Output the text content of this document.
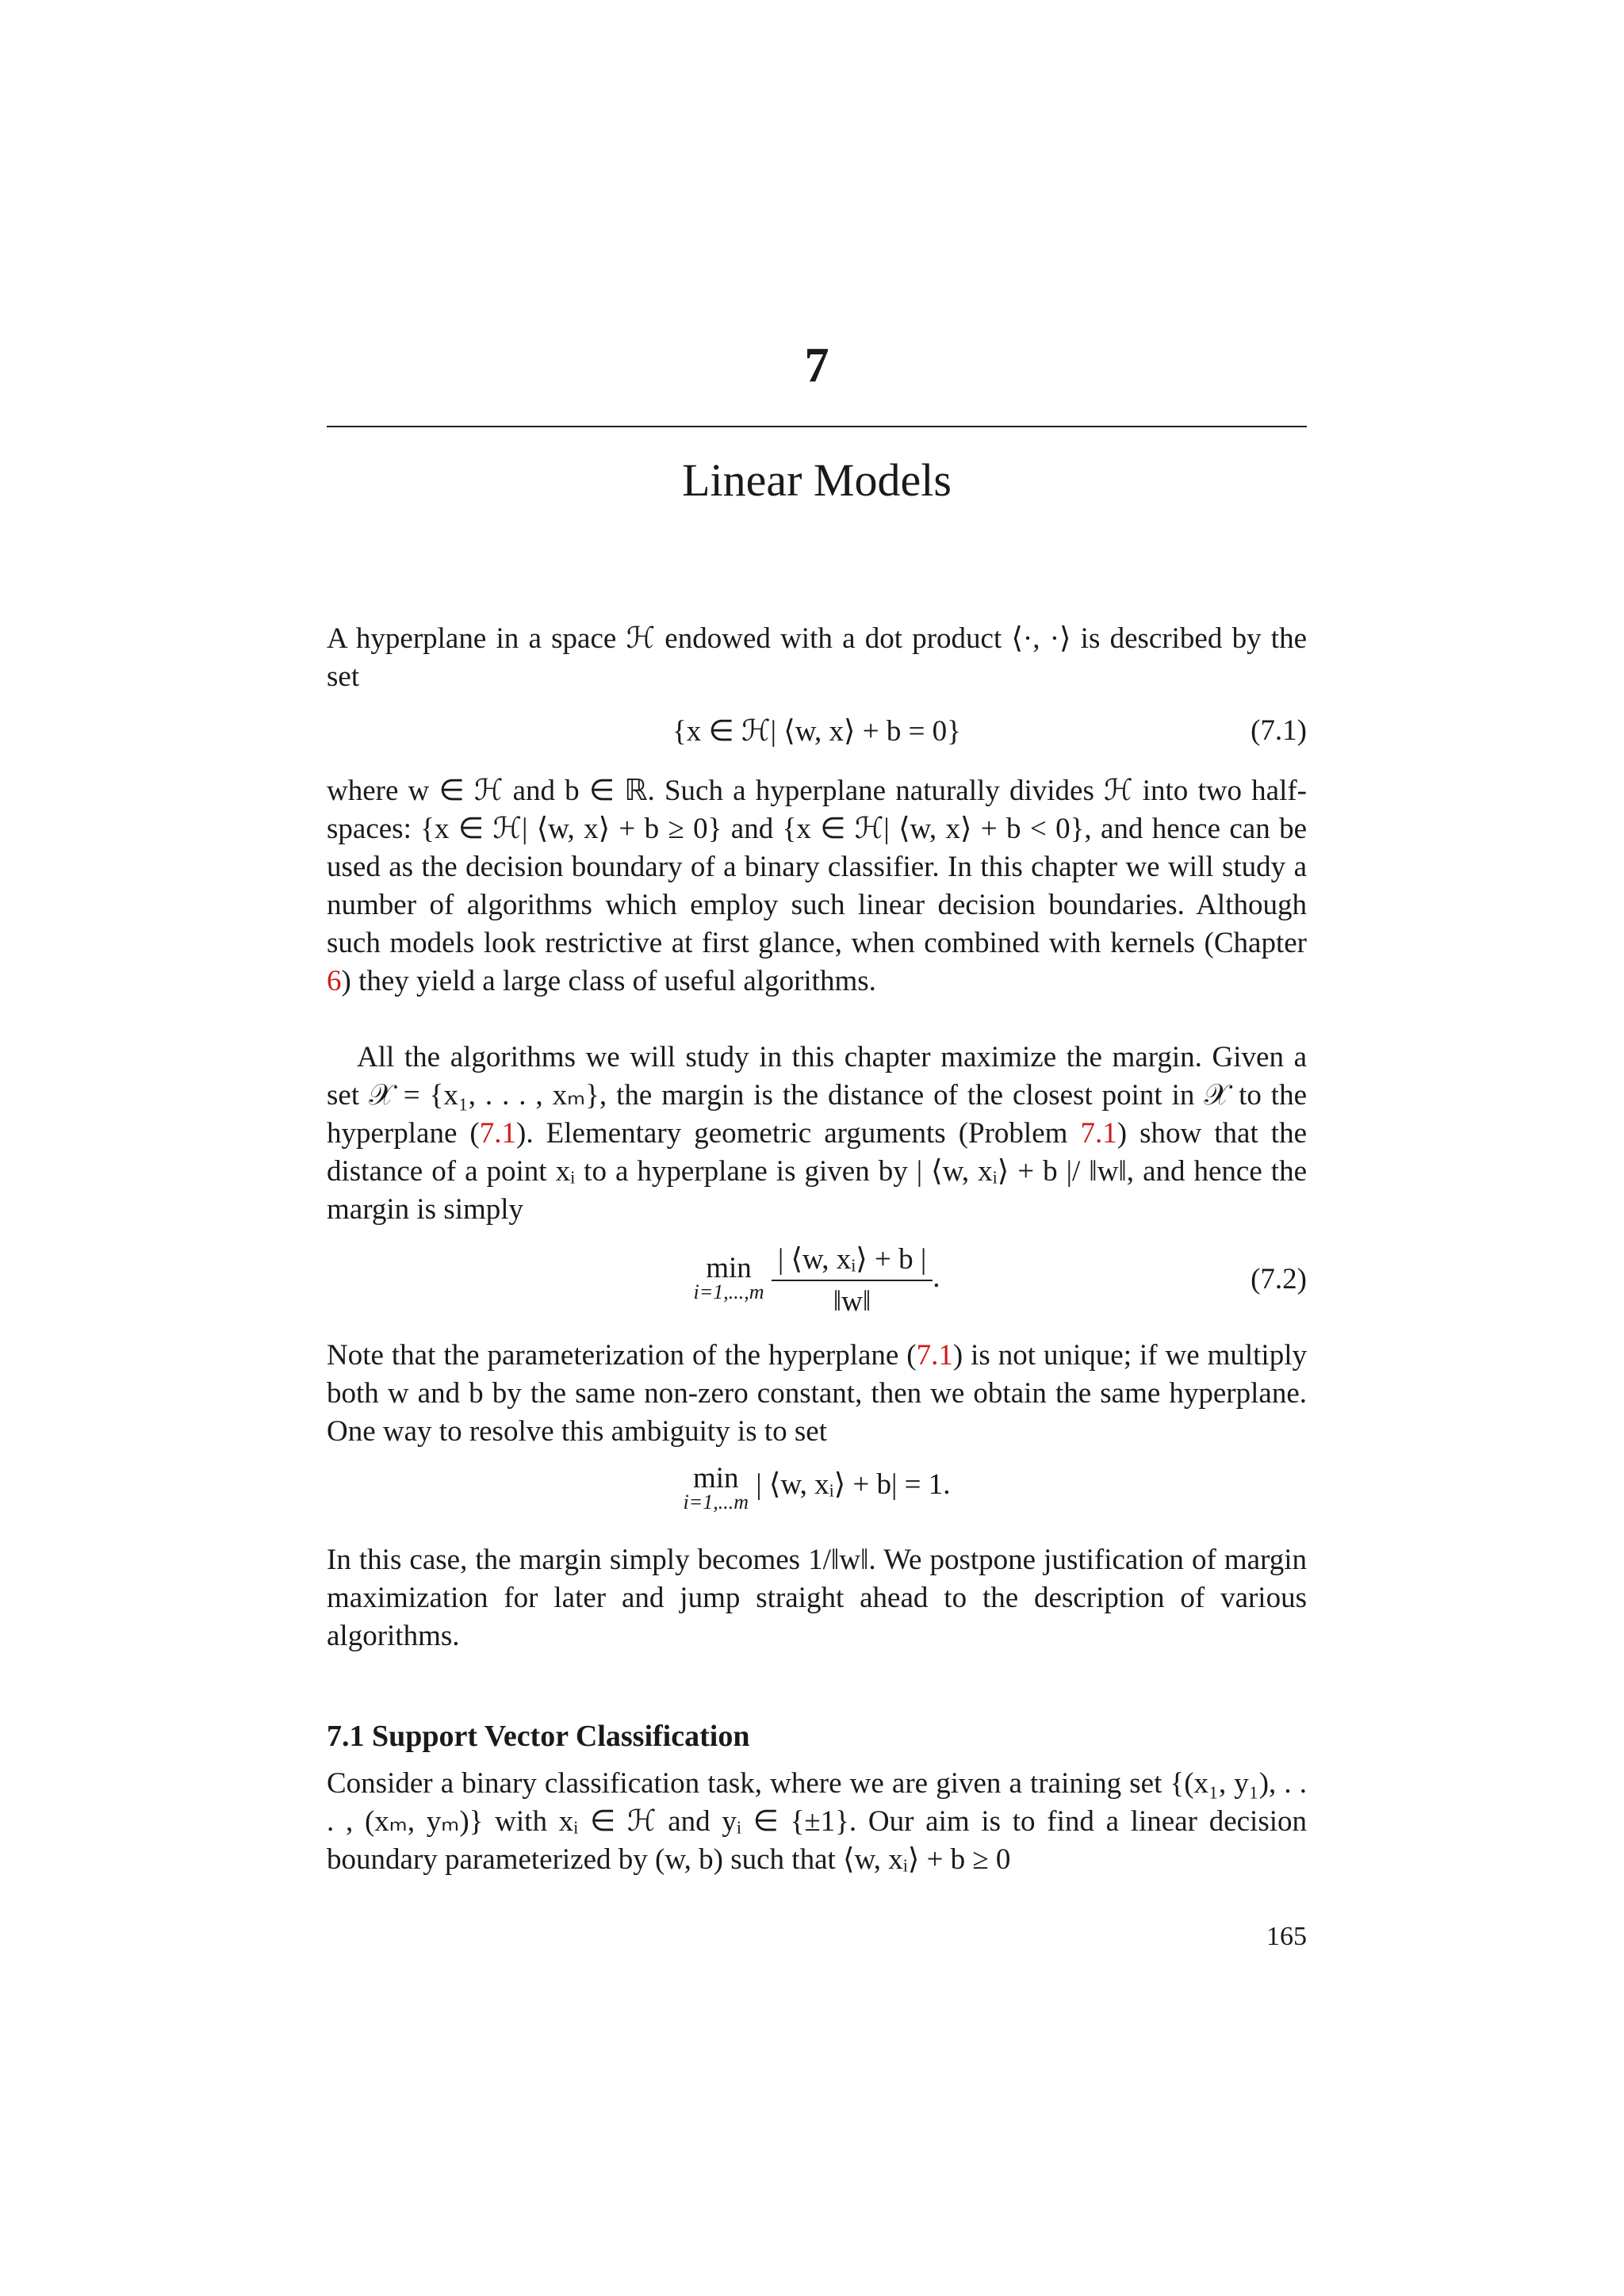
7
Linear Models

A hyperplane in a space ℋ endowed with a dot product ⟨·, ·⟩ is described by the set

{x ∈ ℋ| ⟨w, x⟩ + b = 0}	(7.1)

where w ∈ ℋ and b ∈ ℝ. Such a hyperplane naturally divides ℋ into two half-spaces: {x ∈ ℋ| ⟨w, x⟩ + b ≥ 0} and {x ∈ ℋ| ⟨w, x⟩ + b < 0}, and hence can be used as the decision boundary of a binary classifier. In this chapter we will study a number of algorithms which employ such linear decision boundaries. Although such models look restrictive at first glance, when combined with kernels (Chapter 6) they yield a large class of useful algorithms.

All the algorithms we will study in this chapter maximize the margin. Given a set 𝒳 = {x₁, . . . , xₘ}, the margin is the distance of the closest point in 𝒳 to the hyperplane (7.1). Elementary geometric arguments (Problem 7.1) show that the distance of a point xᵢ to a hyperplane is given by | ⟨w, xᵢ⟩ + b |/ ‖w‖, and hence the margin is simply

min
i=1,...,m
$\frac{\text{| ⟨w, xᵢ⟩ + b |}}{‖w‖}$ .	(7.2)

Note that the parameterization of the hyperplane (7.1) is not unique; if we multiply both w and b by the same non-zero constant, then we obtain the same hyperplane. One way to resolve this ambiguity is to set

min
i=1,...m
| ⟨w, xᵢ⟩ + b| = 1.

In this case, the margin simply becomes 1/‖w‖. We postpone justification of margin maximization for later and jump straight ahead to the description of various algorithms.

7.1 Support Vector Classification

Consider a binary classification task, where we are given a training set {(x₁, y₁), . . . , (xₘ, yₘ)} with xᵢ ∈ ℋ and yᵢ ∈ {±1}. Our aim is to find a linear decision boundary parameterized by (w, b) such that ⟨w, xᵢ⟩ + b ≥ 0

165
